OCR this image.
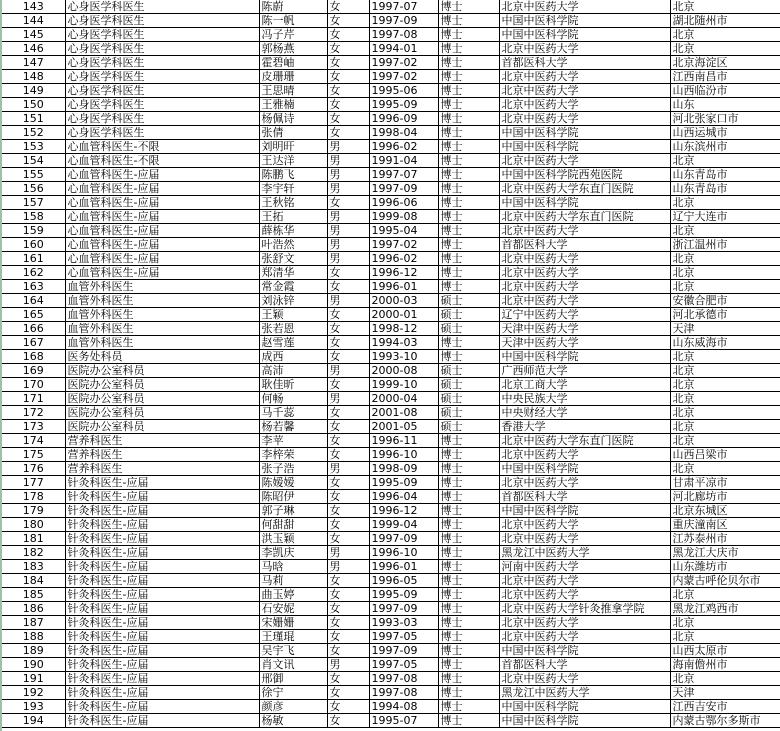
143	心身医学科医生	陈蔚	女	1997-07	博士	北京中医药大学	北京
144	心身医学科医生	陈一帆	女	1997-09	博士	中国中医科学院	湖北随州市
145	心身医学科医生	冯子芹	女	1997-08	博士	中国中医科学院	北京
146	心身医学科医生	郭杨燕	女	1994-01	博士	北京中医药大学	北京
147	心身医学科医生	霍碧岫	女	1997-02	博士	首都医科大学	北京海淀区
148	心身医学科医生	皮珊珊	女	1997-02	博士	北京中医药大学	江西南昌市
149	心身医学科医生	王思晴	女	1995-06	博士	北京中医药大学	山西临汾市
150	心身医学科医生	王雅楠	女	1995-09	博士	北京中医药大学	山东
151	心身医学科医生	杨佩诗	女	1996-09	博士	北京中医药大学	河北张家口市
152	心身医学科医生	张倩	女	1998-04	博士	中国中医科学院	山西运城市
153	心血管科医生-不限	刘明旰	男	1996-02	博士	中国中医科学院	山东滨州市
154	心血管科医生-不限	王达洋	男	1991-04	博士	北京中医药大学	北京
155	心血管科医生-应届	陈鹏飞	男	1997-07	博士	中国中医科学院西苑医院	山东青岛市
156	心血管科医生-应届	李宇轩	男	1997-09	博士	北京中医药大学东直门医院	山东青岛市
157	心血管科医生-应届	王秋铭	女	1996-06	博士	中国中医科学院	北京
158	心血管科医生-应届	王拓	男	1999-08	博士	北京中医药大学东直门医院	辽宁大连市
159	心血管科医生-应届	薛栋华	男	1995-04	博士	北京中医药大学	北京
160	心血管科医生-应届	叶浩然	男	1997-02	博士	首都医科大学	浙江温州市
161	心血管科医生-应届	张舒文	男	1996-02	博士	北京中医药大学	北京
162	心血管科医生-应届	郑清华	女	1996-12	博士	北京中医药大学	北京
163	血管外科医生	常金霞	女	1996-01	博士	北京中医药大学	北京
164	血管外科医生	刘泳锌	男	2000-03	硕士	北京中医药大学	安徽合肥市
165	血管外科医生	王颖	女	2000-01	硕士	辽宁中医药大学	河北承德市
166	血管外科医生	张若恩	女	1998-12	硕士	天津中医药大学	天津
167	血管外科医生	赵雪莲	女	1994-03	博士	天津中医药大学	山东威海市
168	医务处科员	成西	女	1993-10	博士	中国中医科学院	北京
169	医院办公室科员	高沛	男	2000-08	硕士	广西师范大学	北京
170	医院办公室科员	耿佳昕	女	1999-10	硕士	北京工商大学	北京
171	医院办公室科员	何畅	男	2000-04	硕士	中央民族大学	北京
172	医院办公室科员	马千蕊	女	2001-08	硕士	中央财经大学	北京
173	医院办公室科员	杨若馨	女	2001-05	硕士	香港大学	北京
174	营养科医生	李苹	女	1996-11	博士	北京中医药大学东直门医院	北京
175	营养科医生	李梓荣	女	1996-10	博士	北京中医药大学	山西吕梁市
176	营养科医生	张子浩	男	1998-09	博士	中国中医科学院	北京
177	针灸科医生-应届	陈嫒嫒	女	1995-09	博士	北京中医药大学	甘肃平凉市
178	针灸科医生-应届	陈昭伊	女	1996-04	博士	首都医科大学	河北廊坊市
179	针灸科医生-应届	郭子琳	女	1996-12	博士	中国中医科学院	北京东城区
180	针灸科医生-应届	何甜甜	女	1999-04	博士	北京中医药大学	重庆潼南区
181	针灸科医生-应届	洪玉颖	女	1997-09	博士	北京中医药大学	江苏泰州市
182	针灸科医生-应届	李凯庆	男	1996-10	博士	黑龙江中医药大学	黑龙江大庆市
183	针灸科医生-应届	马晗	男	1996-01	博士	河南中医药大学	山东潍坊市
184	针灸科医生-应届	马莉	女	1996-05	博士	北京中医药大学	内蒙古呼伦贝尔市
185	针灸科医生-应届	曲玉婷	女	1995-09	博士	北京中医药大学	北京
186	针灸科医生-应届	石安妮	女	1997-09	博士	北京中医药大学针灸推拿学院	黑龙江鸡西市
187	针灸科医生-应届	宋姗姗	女	1993-03	博士	北京中医药大学	北京
188	针灸科医生-应届	王瑾琨	女	1997-05	博士	北京中医药大学	北京
189	针灸科医生-应届	吴宇飞	女	1997-09	博士	中国中医科学院	山西太原市
190	针灸科医生-应届	肖文讯	男	1997-05	博士	首都医科大学	海南儋州市
191	针灸科医生-应届	邢御	女	1997-08	博士	北京中医药大学	北京
192	针灸科医生-应届	徐宁	女	1997-08	博士	黑龙江中医药大学	天津
193	针灸科医生-应届	颜彦	女	1994-08	博士	中国中医科学院	江西吉安市
194	针灸科医生-应届	杨敏	女	1995-07	博士	中国中医科学院	内蒙古鄂尔多斯市
